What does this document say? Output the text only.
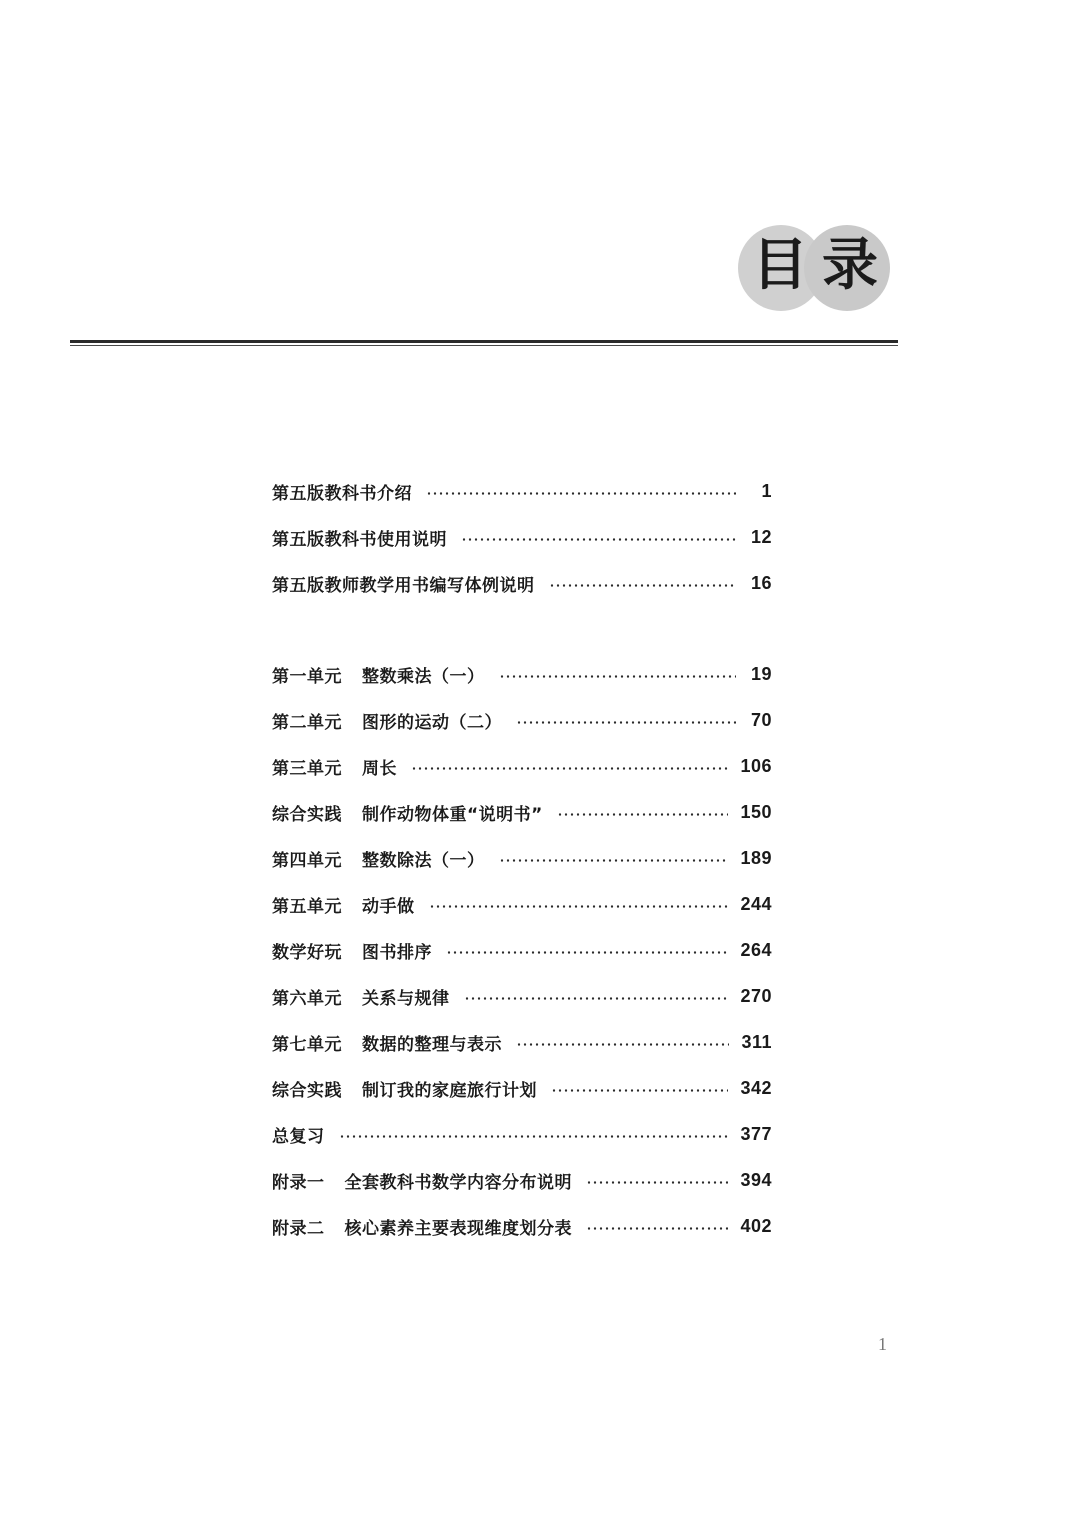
目 录
第五版教科书介绍	1
第五版教科书使用说明	12
第五版教师教学用书编写体例说明	16
第一单元 整数乘法（一）	19
第二单元 图形的运动（二）	70
第三单元 周长	106
综合实践 制作动物体重“说明书”	150
第四单元 整数除法（一）	189
第五单元 动手做	244
数学好玩 图书排序	264
第六单元 关系与规律	270
第七单元 数据的整理与表示	311
综合实践 制订我的家庭旅行计划	342
总复习	377
附录一 全套教科书数学内容分布说明	394
附录二 核心素养主要表现维度划分表	402
1
